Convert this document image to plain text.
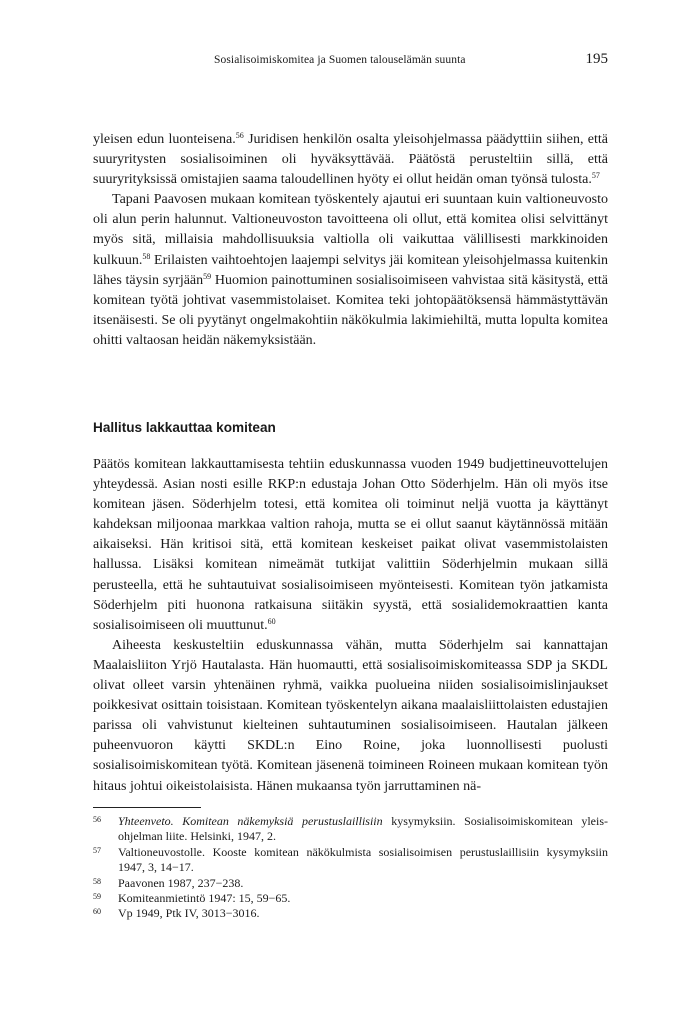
Sosialisoimiskomitea ja Suomen talouselämän suunta	195

yleisen edun luonteisena.$^{56}$ Juridisen henkilön osalta yleisohjelmassa päädyttiin siihen, että suuryritysten sosialisoiminen oli hyväksyttävää. Päätöstä perusteltiin sillä, että suuryrityksissä omistajien saama taloudellinen hyöty ei ollut heidän oman työnsä tulosta.$^{57}$

Tapani Paavosen mukaan komitean työskentely ajautui eri suuntaan kuin valtioneuvosto oli alun perin halunnut. Valtioneuvoston tavoitteena oli ollut, että komitea olisi selvittänyt myös sitä, millaisia mahdollisuuksia valtiolla oli vaikuttaa välillisesti markkinoiden kulkuun.$^{58}$ Erilaisten vaihtoehtojen laajempi selvitys jäi komitean yleisohjelmassa kuitenkin lähes täysin syrjään$^{59}$ Huomion painottuminen sosialisoimiseen vahvistaa sitä käsitystä, että komitean työtä johtivat vasemmistolaiset. Komitea teki johtopäätöksensä hämmästyttävän itsenäisesti. Se oli pyytänyt ongelmakohtiin näkökulmia lakimiehiltä, mutta lopulta komitea ohitti valtaosan heidän näkemyksistään.

Hallitus lakkauttaa komitean

Päätös komitean lakkauttamisesta tehtiin eduskunnassa vuoden 1949 budjettineuvottelujen yhteydessä. Asian nosti esille RKP:n edustaja Johan Otto Söderhjelm. Hän oli myös itse komitean jäsen. Söderhjelm totesi, että komitea oli toiminut neljä vuotta ja käyttänyt kahdeksan miljoonaa markkaa valtion rahoja, mutta se ei ollut saanut käytännössä mitään aikaiseksi. Hän kritisoi sitä, että komitean keskeiset paikat olivat vasemmistolaisten hallussa. Lisäksi komitean nimeämät tutkijat valittiin Söderhjelmin mukaan sillä perusteella, että he suhtautuivat sosialisoimiseen myönteisesti. Komitean työn jatkamista Söderhjelm piti huonona ratkaisuna siitäkin syystä, että sosialidemokraattien kanta sosialisoimiseen oli muuttunut.$^{60}$

Aiheesta keskusteltiin eduskunnassa vähän, mutta Söderhjelm sai kannattajan Maalaisliiton Yrjö Hautalasta. Hän huomautti, että sosialisoimiskomiteassa SDP ja SKDL olivat olleet varsin yhtenäinen ryhmä, vaikka puolueina niiden sosialisoimislinjaukset poikkesivat osittain toisistaan. Komitean työskentelyn aikana maalaisliittolaisten edustajien parissa oli vahvistunut kielteinen suhtautuminen sosialisoimiseen. Hautalan jälkeen puheenvuoron käytti SKDL:n Eino Roine, joka luonnollisesti puolusti sosialisoimiskomitean työtä. Komitean jäsenenä toimineen Roineen mukaan komitean työn hitaus johtui oikeistolaisista. Hänen mukaansa työn jarruttaminen nä-

56 Yhteenveto. Komitean näkemyksiä perustuslaillisiin kysymyksiin. Sosialisoimiskomitean yleisohjelman liite. Helsinki, 1947, 2.
57 Valtioneuvostolle. Kooste komitean näkökulmista sosialisoimisen perustuslaillisiin kysymyksiin 1947, 3, 14−17.
58 Paavonen 1987, 237−238.
59 Komiteanmietintö 1947: 15, 59−65.
60 Vp 1949, Ptk IV, 3013−3016.
